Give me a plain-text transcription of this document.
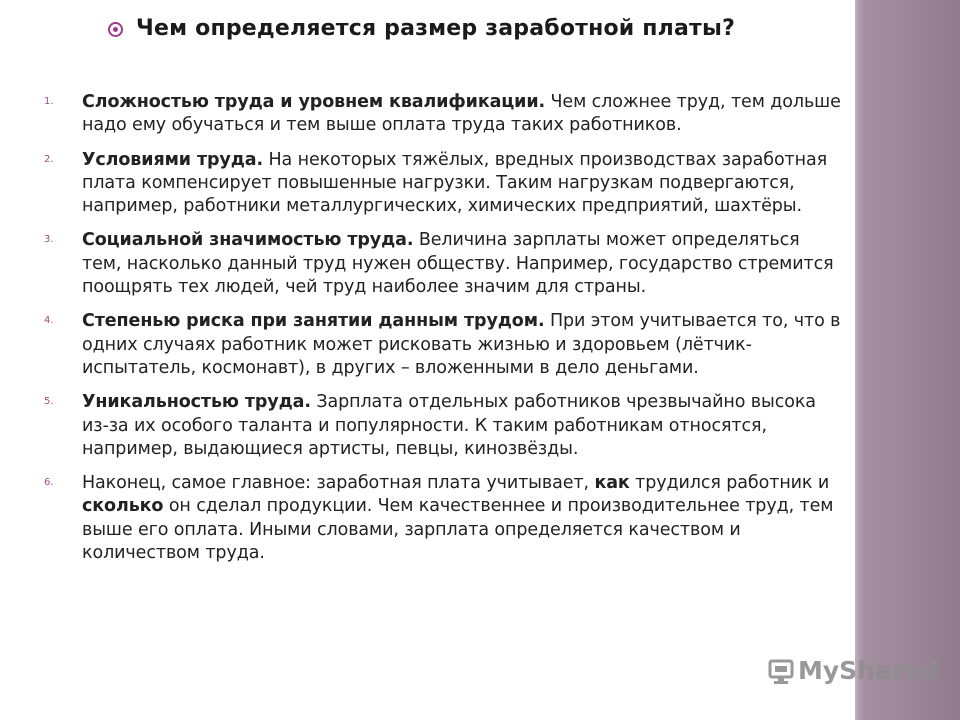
Чем определяется размер заработной платы?
1.	Сложностью труда и уровнем квалификации. Чем сложнее труд, тем дольше надо ему обучаться и тем выше оплата труда таких работников.
2.	Условиями труда. На некоторых тяжёлых, вредных производствах заработная плата компенсирует повышенные нагрузки. Таким нагрузкам подвергаются, например, работники металлургических, химических предприятий, шахтёры.
3.	Социальной значимостью труда. Величина зарплаты может определяться тем, насколько данный труд нужен обществу. Например, государство стремится поощрять тех людей, чей труд наиболее значим для страны.
4.	Степенью риска при занятии данным трудом. При этом учитывается то, что в одних случаях работник может рисковать жизнью и здоровьем (лётчик-испытатель, космонавт), в других – вложенными в дело деньгами.
5.	Уникальностью труда. Зарплата отдельных работников чрезвычайно высока из-за их особого таланта и популярности. К таким работникам относятся, например, выдающиеся артисты, певцы, кинозвёзды.
6.	Наконец, самое главное: заработная плата учитывает, как трудился работник и сколько он сделал продукции. Чем качественнее и производительнее труд, тем выше его оплата. Иными словами, зарплата определяется качеством и количеством труда.
MyShared
